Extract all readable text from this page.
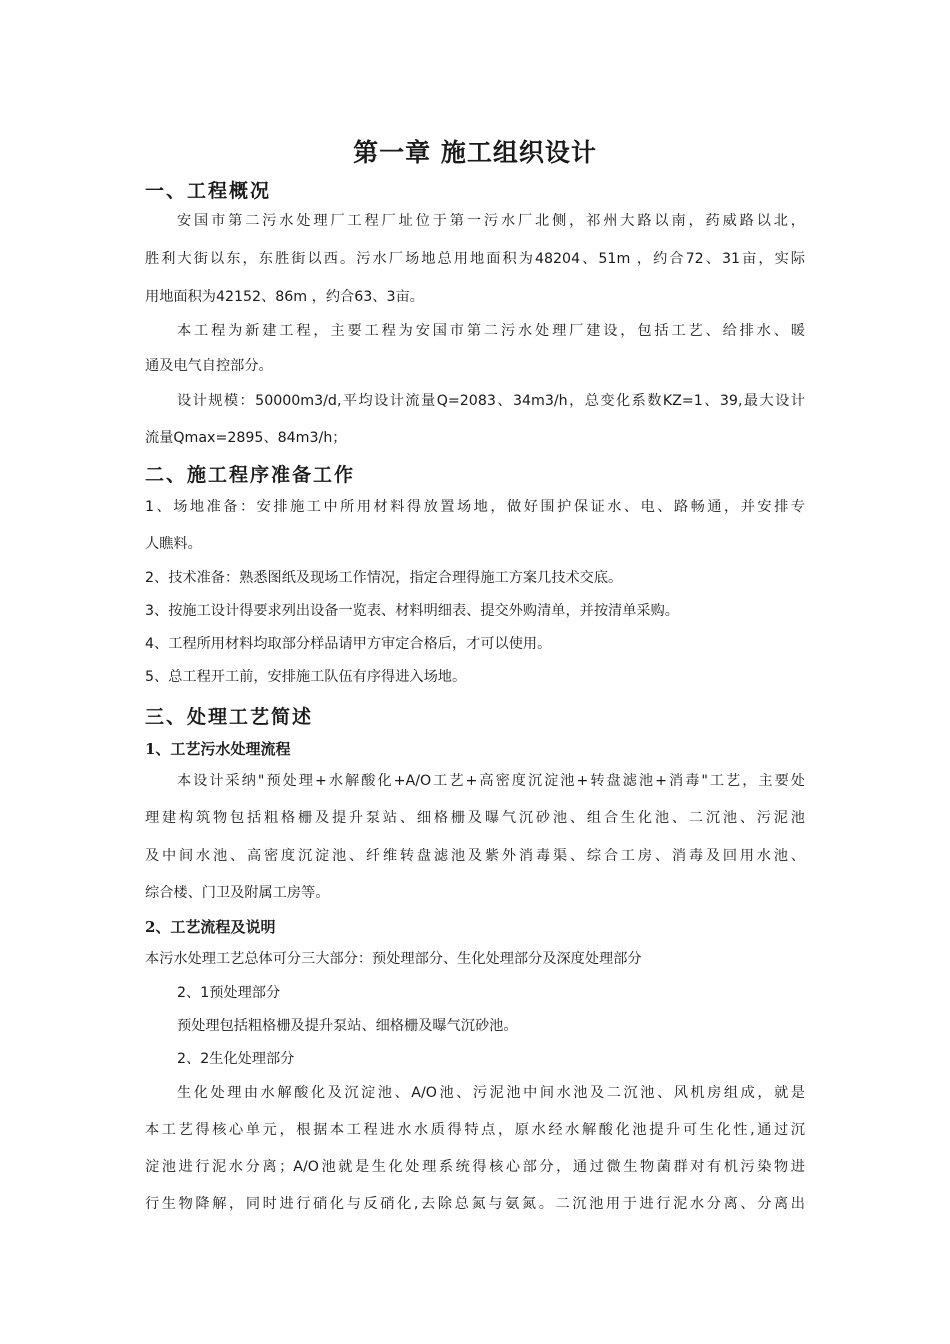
第一章 施工组织设计
一、工程概况
安国市第二污水处理厂工程厂址位于第一污水厂北侧，祁州大路以南，药威路以北，
胜利大街以东，东胜街以西。污水厂场地总用地面积为48204、51m ，约合72、31亩，实际
用地面积为42152、86m ，约合63、3亩。
本工程为新建工程，主要工程为安国市第二污水处理厂建设，包括工艺、给排水、暖
通及电气自控部分。
设计规模：50000m3/d,平均设计流量Q=2083、34m3/h，总变化系数KZ=1、39,最大设计
流量Qmax=2895、84m3/h；
二、施工程序准备工作
1、场地准备：安排施工中所用材料得放置场地，做好围护保证水、电、路畅通，并安排专
人瞧料。
2、技术准备：熟悉图纸及现场工作情况，指定合理得施工方案几技术交底。
3、按施工设计得要求列出设备一览表、材料明细表、提交外购清单，并按清单采购。
4、工程所用材料均取部分样品请甲方审定合格后，才可以使用。
5、总工程开工前，安排施工队伍有序得进入场地。
三、处理工艺简述
1、工艺污水处理流程
本设计采纳"预处理+水解酸化+A/O工艺+高密度沉淀池+转盘滤池+消毒"工艺，主要处
理建构筑物包括粗格栅及提升泵站、细格栅及曝气沉砂池、组合生化池、二沉池、污泥池
及中间水池、高密度沉淀池、纤维转盘滤池及紫外消毒渠、综合工房、消毒及回用水池、
综合楼、门卫及附属工房等。
2、工艺流程及说明
本污水处理工艺总体可分三大部分：预处理部分、生化处理部分及深度处理部分
2、1预处理部分
预处理包括粗格栅及提升泵站、细格栅及曝气沉砂池。
2、2生化处理部分
生化处理由水解酸化及沉淀池、A/O池、污泥池中间水池及二沉池、风机房组成，就是
本工艺得核心单元，根据本工程进水水质得特点，原水经水解酸化池提升可生化性,通过沉
淀池进行泥水分离；A/O池就是生化处理系统得核心部分，通过微生物菌群对有机污染物进
行生物降解，同时进行硝化与反硝化,去除总氮与氨氮。二沉池用于进行泥水分离、分离出
